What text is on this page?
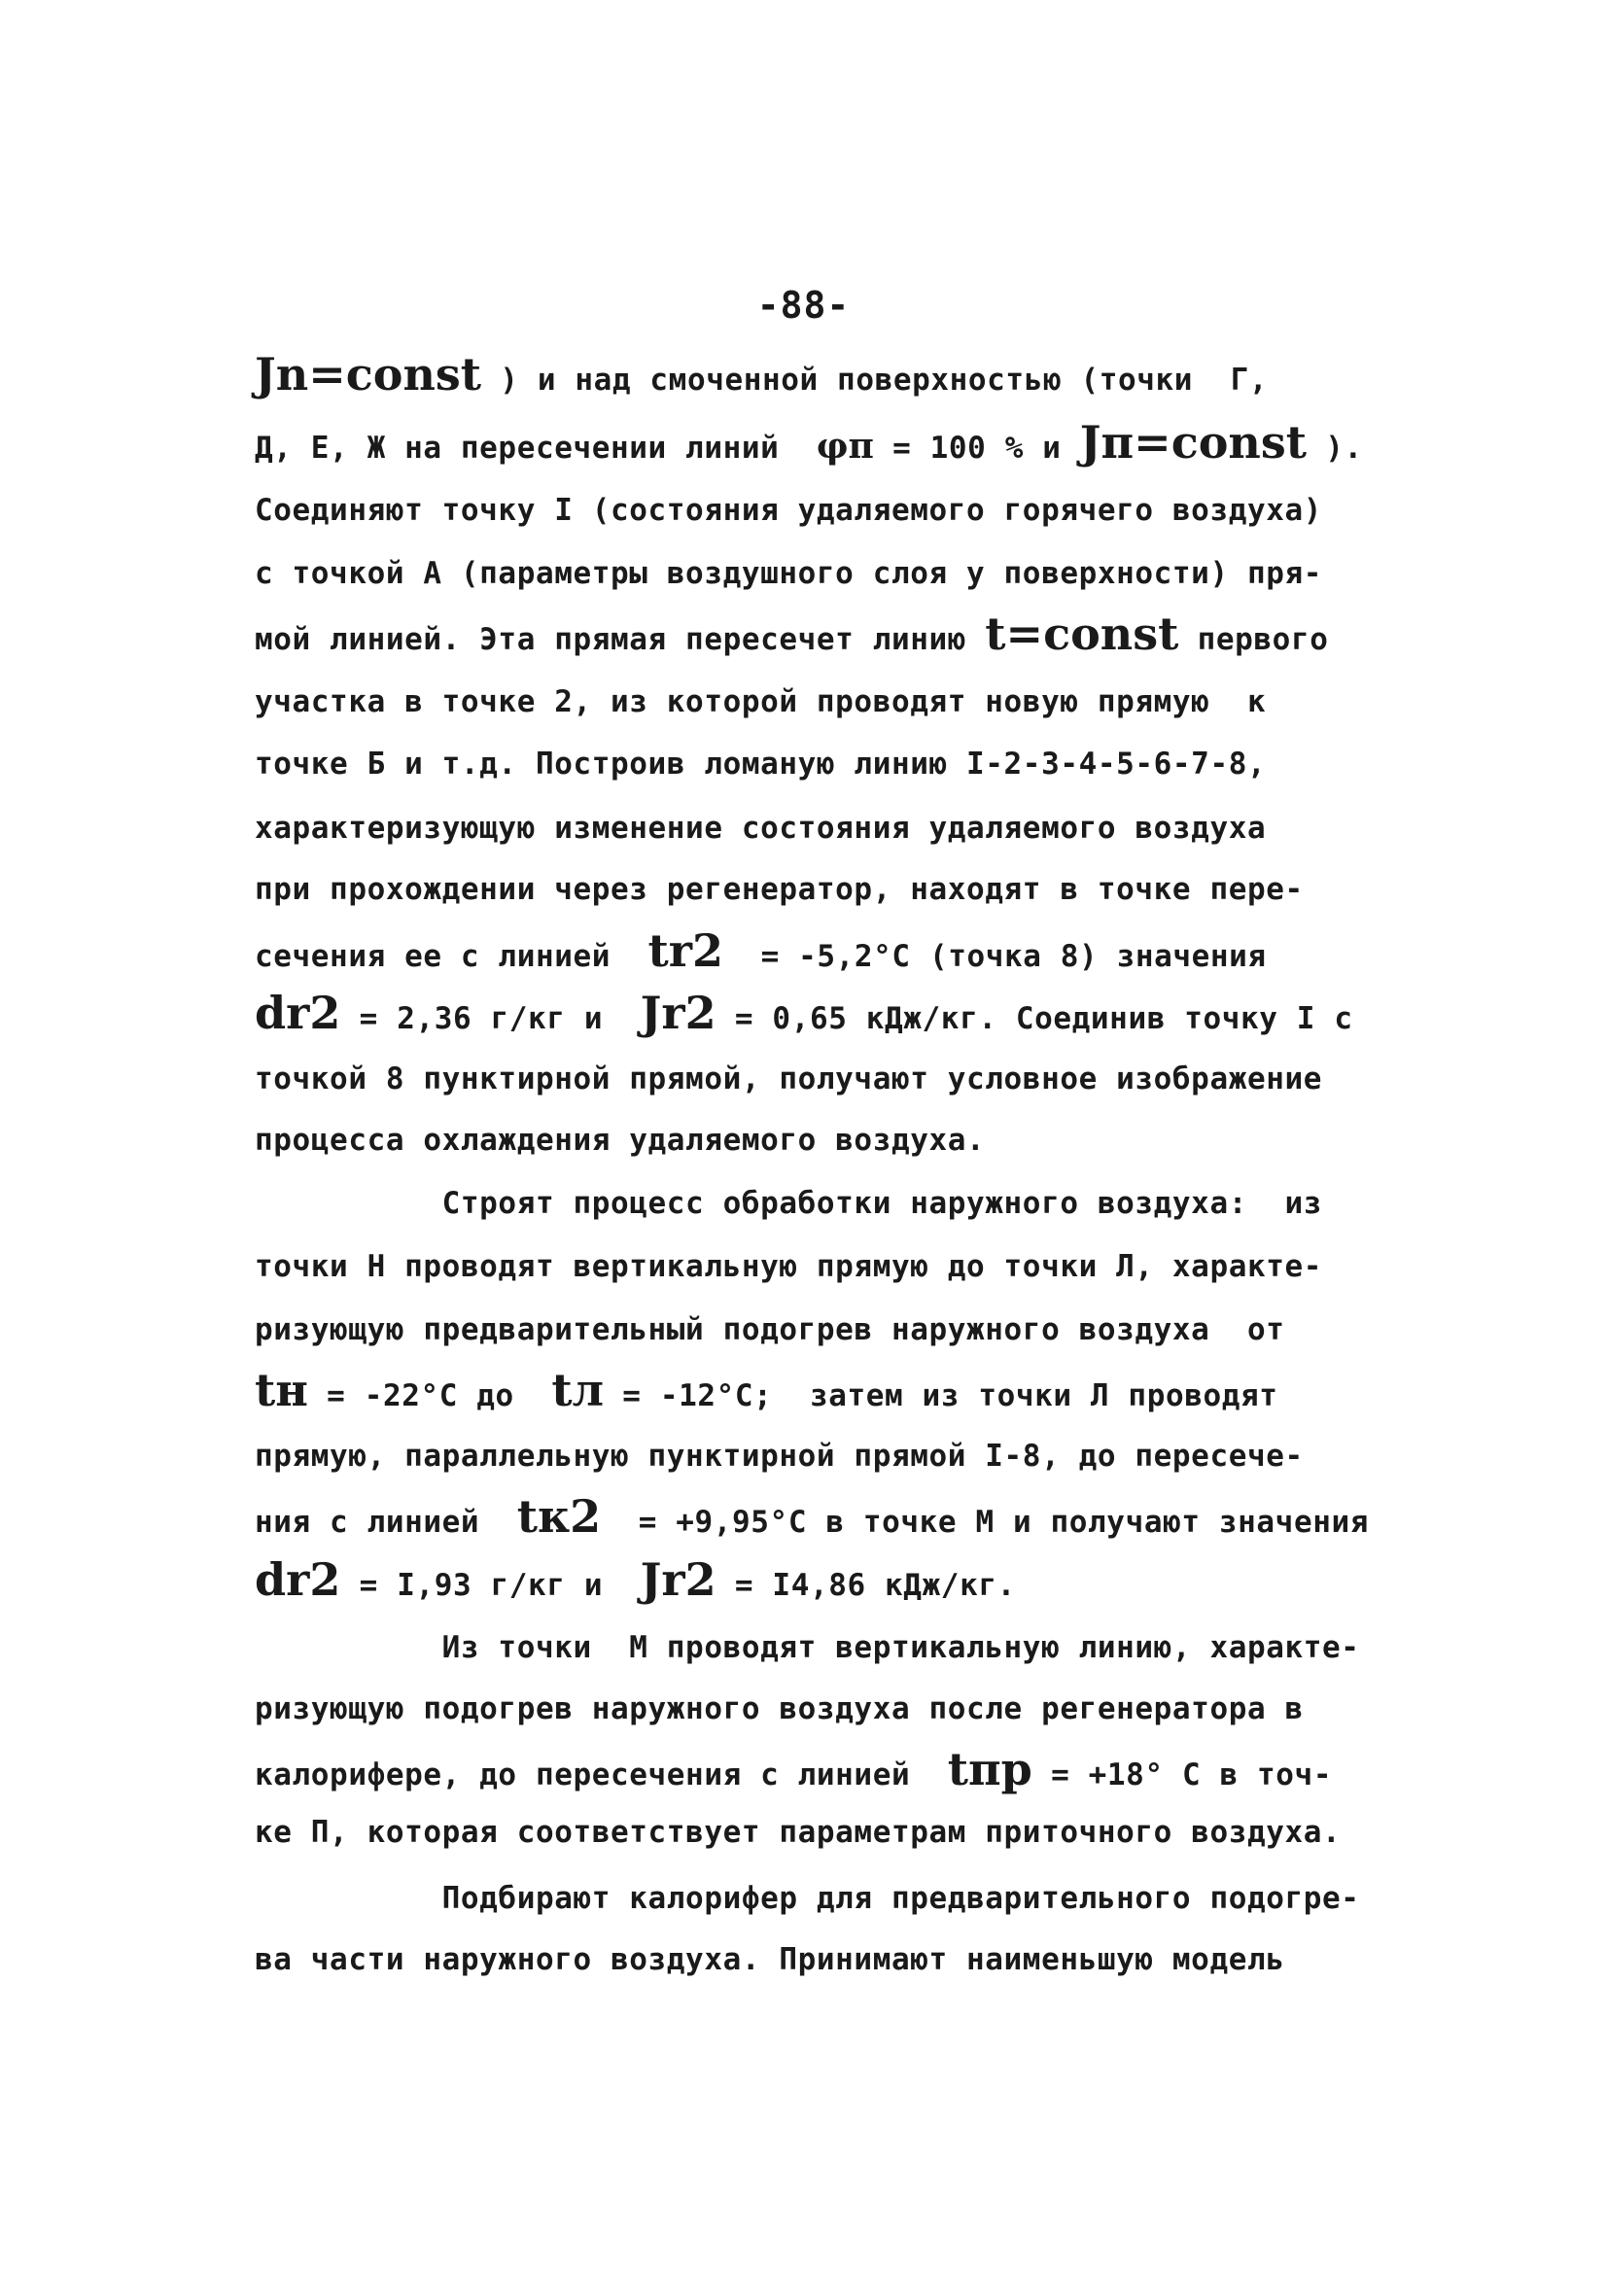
-88-
Jn=const ) и над смоченной поверхностью (точки  Г,
Д, Е, Ж на пересечении линий  φп = 100 % и Jп=const ).
Соединяют точку I (состояния удаляемого горячего воздуха)
с точкой А (параметры воздушного слоя у поверхности) пря-
мой линией. Эта прямая пересечет линию t=const первого
участка в точке 2, из которой проводят новую прямую  к
точке Б и т.д. Построив ломаную линию I-2-3-4-5-6-7-8,
характеризующую изменение состояния удаляемого воздуха
при прохождении через регенератор, находят в точке пере-
сечения ее с линией  tr2  = -5,2°С (точка 8) значения
dr2 = 2,36 г/кг и  Jr2 = 0,65 кДж/кг. Соединив точку I с
точкой 8 пунктирной прямой, получают условное изображение
процесса охлаждения удаляемого воздуха.
Строят процесс обработки наружного воздуха:  из
точки Н проводят вертикальную прямую до точки Л, характе-
ризующую предварительный подогрев наружного воздуха  от
tн = -22°С до  tл = -12°С;  затем из точки Л проводят
прямую, параллельную пунктирной прямой I-8, до пересече-
ния с линией  tк2  = +9,95°С в точке М и получают значения
dr2 = I,93 г/кг и  Jr2 = I4,86 кДж/кг.
Из точки  М проводят вертикальную линию, характе-
ризующую подогрев наружного воздуха после регенератора в
калорифере, до пересечения с линией  tпр = +18° С в точ-
ке П, которая соответствует параметрам приточного воздуха.
Подбирают калорифер для предварительного подогре-
ва части наружного воздуха. Принимают наименьшую модель
